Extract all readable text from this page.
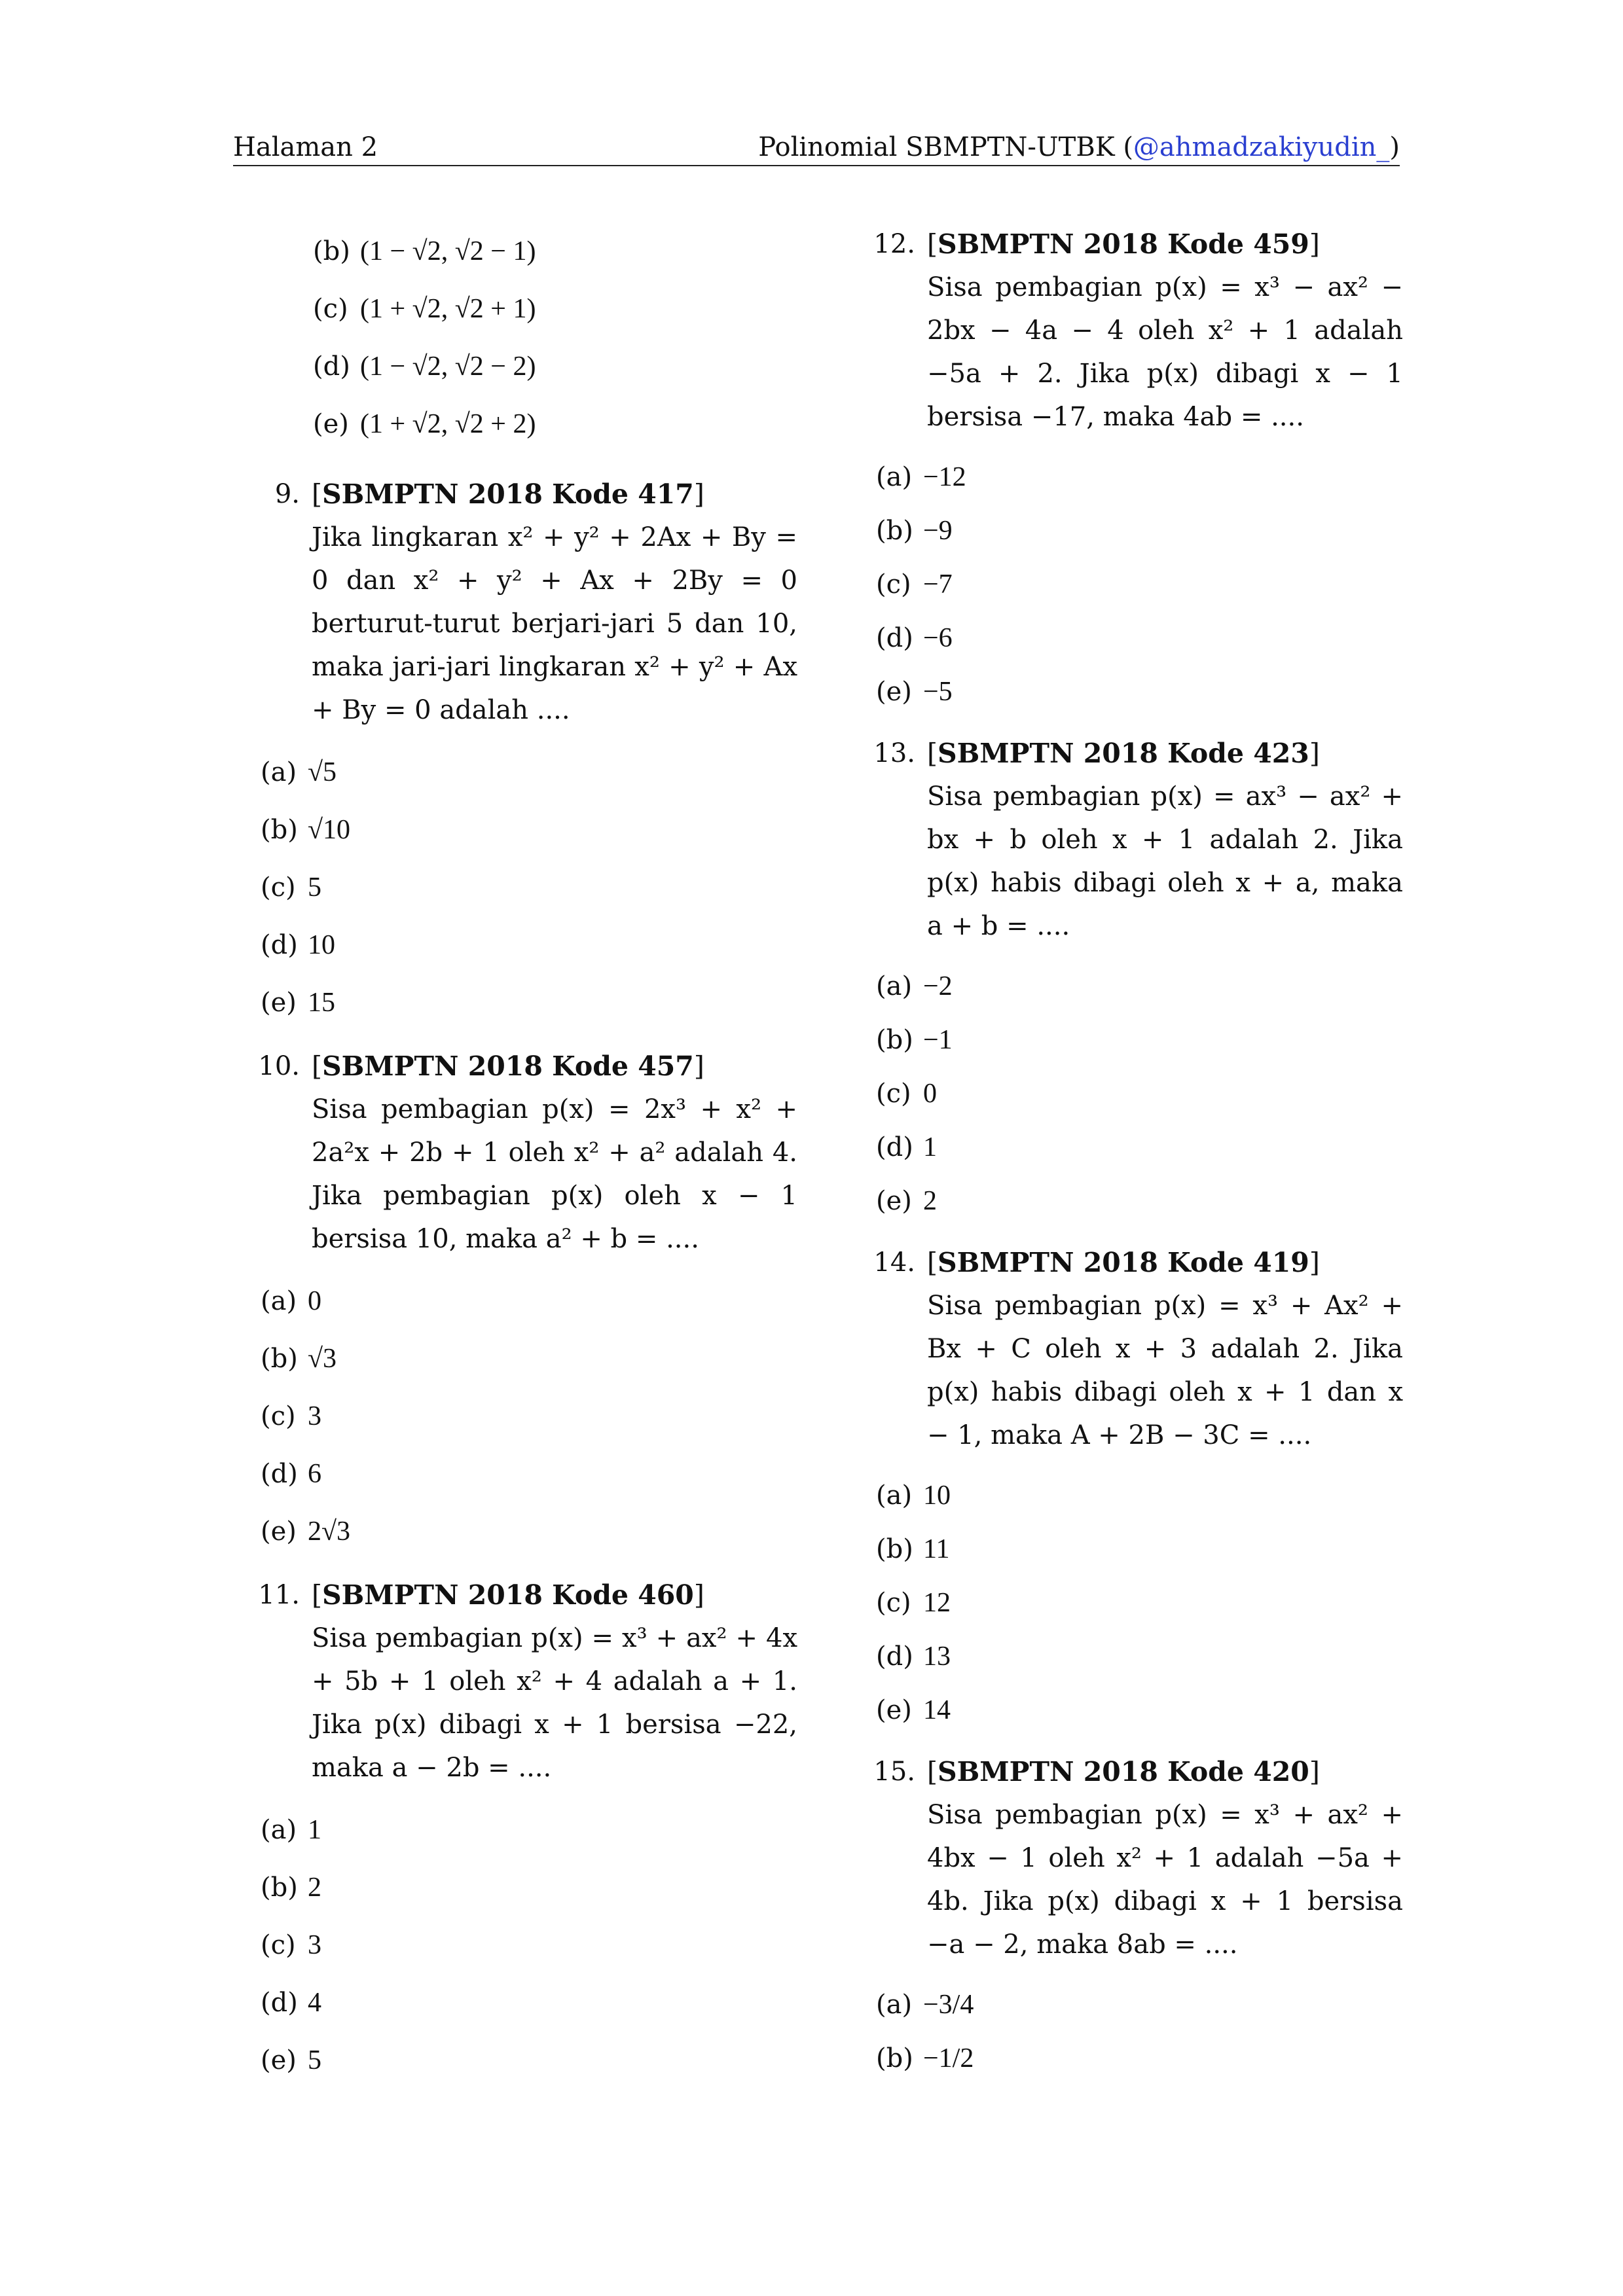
Halaman 2	Polinomial SBMPTN-UTBK (@ahmadzakiyudin_)
(b) (1 − √2, √2 − 1)
(c) (1 + √2, √2 + 1)
(d) (1 − √2, √2 − 2)
(e) (1 + √2, √2 + 2)
9. [SBMPTN 2018 Kode 417]
Jika lingkaran x² + y² + 2Ax + By = 0 dan x² + y² + Ax + 2By = 0 berturut-turut berjari-jari 5 dan 10, maka jari-jari lingkaran x² + y² + Ax + By = 0 adalah ....
(a) √5
(b) √10
(c) 5
(d) 10
(e) 15
10. [SBMPTN 2018 Kode 457]
Sisa pembagian p(x) = 2x³ + x² + 2a²x + 2b + 1 oleh x² + a² adalah 4. Jika pembagian p(x) oleh x − 1 bersisa 10, maka a² + b = ....
(a) 0
(b) √3
(c) 3
(d) 6
(e) 2√3
11. [SBMPTN 2018 Kode 460]
Sisa pembagian p(x) = x³ + ax² + 4x + 5b + 1 oleh x² + 4 adalah a + 1. Jika p(x) dibagi x + 1 bersisa −22, maka a − 2b = ....
(a) 1
(b) 2
(c) 3
(d) 4
(e) 5
12. [SBMPTN 2018 Kode 459]
Sisa pembagian p(x) = x³ − ax² − 2bx − 4a − 4 oleh x² + 1 adalah −5a + 2. Jika p(x) dibagi x − 1 bersisa −17, maka 4ab = ....
(a) −12
(b) −9
(c) −7
(d) −6
(e) −5
13. [SBMPTN 2018 Kode 423]
Sisa pembagian p(x) = ax³ − ax² + bx + b oleh x + 1 adalah 2. Jika p(x) habis dibagi oleh x + a, maka a + b = ....
(a) −2
(b) −1
(c) 0
(d) 1
(e) 2
14. [SBMPTN 2018 Kode 419]
Sisa pembagian p(x) = x³ + Ax² + Bx + C oleh x + 3 adalah 2. Jika p(x) habis dibagi oleh x + 1 dan x − 1, maka A + 2B − 3C = ....
(a) 10
(b) 11
(c) 12
(d) 13
(e) 14
15. [SBMPTN 2018 Kode 420]
Sisa pembagian p(x) = x³ + ax² + 4bx − 1 oleh x² + 1 adalah −5a + 4b. Jika p(x) dibagi x + 1 bersisa −a − 2, maka 8ab = ....
(a) −3/4
(b) −1/2
